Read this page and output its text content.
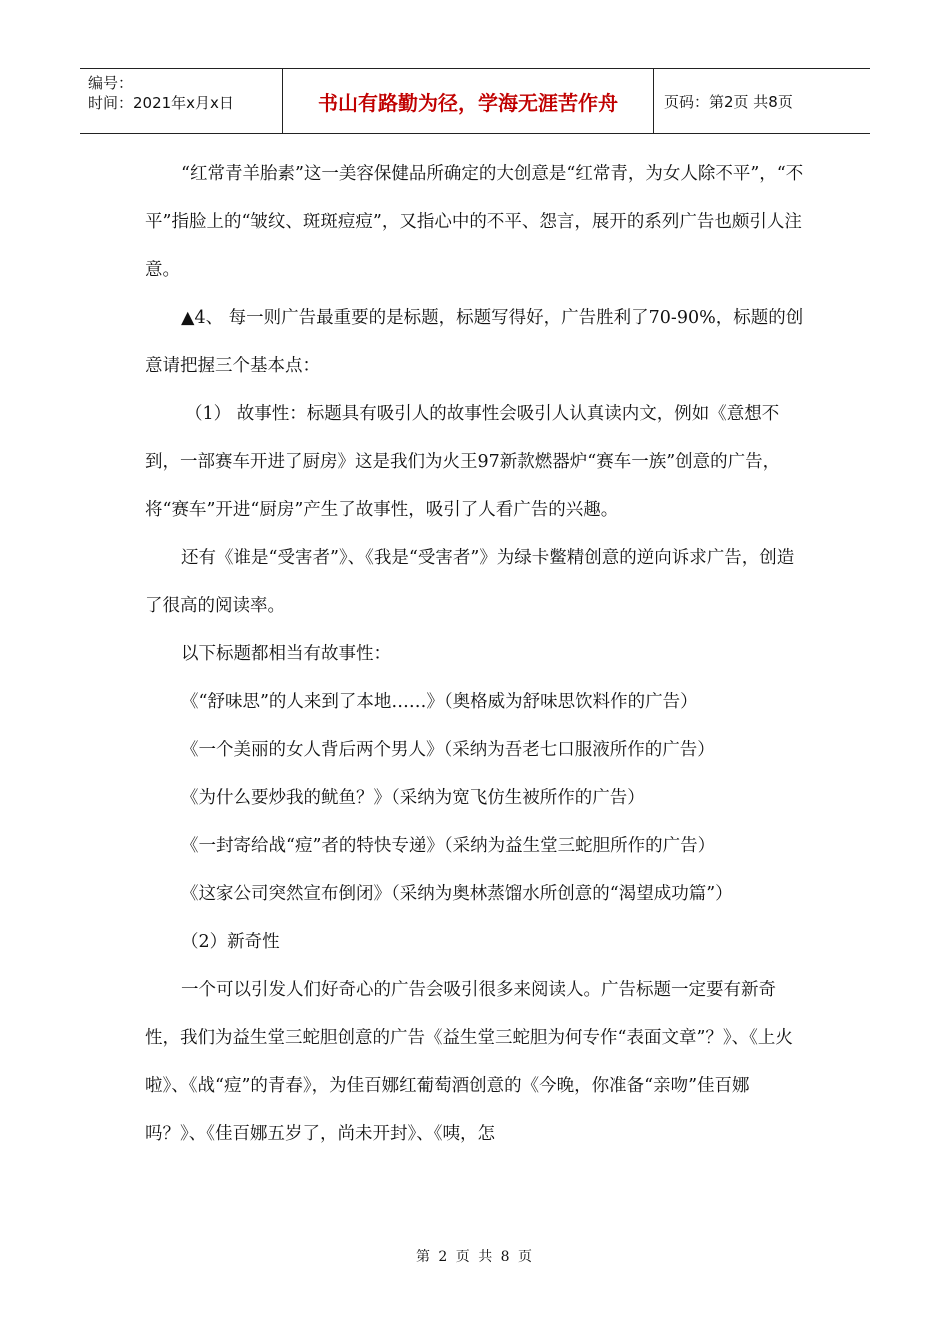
编号：
时间：2021年x月x日	书山有路勤为径，学海无涯苦作舟	页码：第2页 共8页

“红常青羊胎素”这一美容保健品所确定的大创意是“红常青，为女人除不平”，“不平”指脸上的“皱纹、斑斑痘痘”，又指心中的不平、怨言，展开的系列广告也颇引人注意。

▲4、 每一则广告最重要的是标题，标题写得好，广告胜利了70-90%，标题的创意请把握三个基本点：

（1） 故事性：标题具有吸引人的故事性会吸引人认真读内文，例如《意想不到，一部赛车开进了厨房》这是我们为火王97新款燃器炉“赛车一族”创意的广告，将“赛车”开进“厨房”产生了故事性，吸引了人看广告的兴趣。

还有《谁是“受害者”》、《我是“受害者”》为绿卡鳖精创意的逆向诉求广告，创造了很高的阅读率。

以下标题都相当有故事性：

《“舒味思”的人来到了本地……》（奥格威为舒味思饮料作的广告）

《一个美丽的女人背后两个男人》（采纳为吾老七口服液所作的广告）

《为什么要炒我的鱿鱼？》（采纳为宽飞仿生被所作的广告）

《一封寄给战“痘”者的特快专递》（采纳为益生堂三蛇胆所作的广告）

《这家公司突然宣布倒闭》（采纳为奥林蒸馏水所创意的“渴望成功篇”）

（2）新奇性

一个可以引发人们好奇心的广告会吸引很多来阅读人。广告标题一定要有新奇性，我们为益生堂三蛇胆创意的广告《益生堂三蛇胆为何专作“表面文章”？》、《上火啦》、《战“痘”的青春》，为佳百娜红葡萄酒创意的《今晚，你准备“亲吻”佳百娜吗？》、《佳百娜五岁了，尚未开封》、《咦，怎

第 2 页 共 8 页
